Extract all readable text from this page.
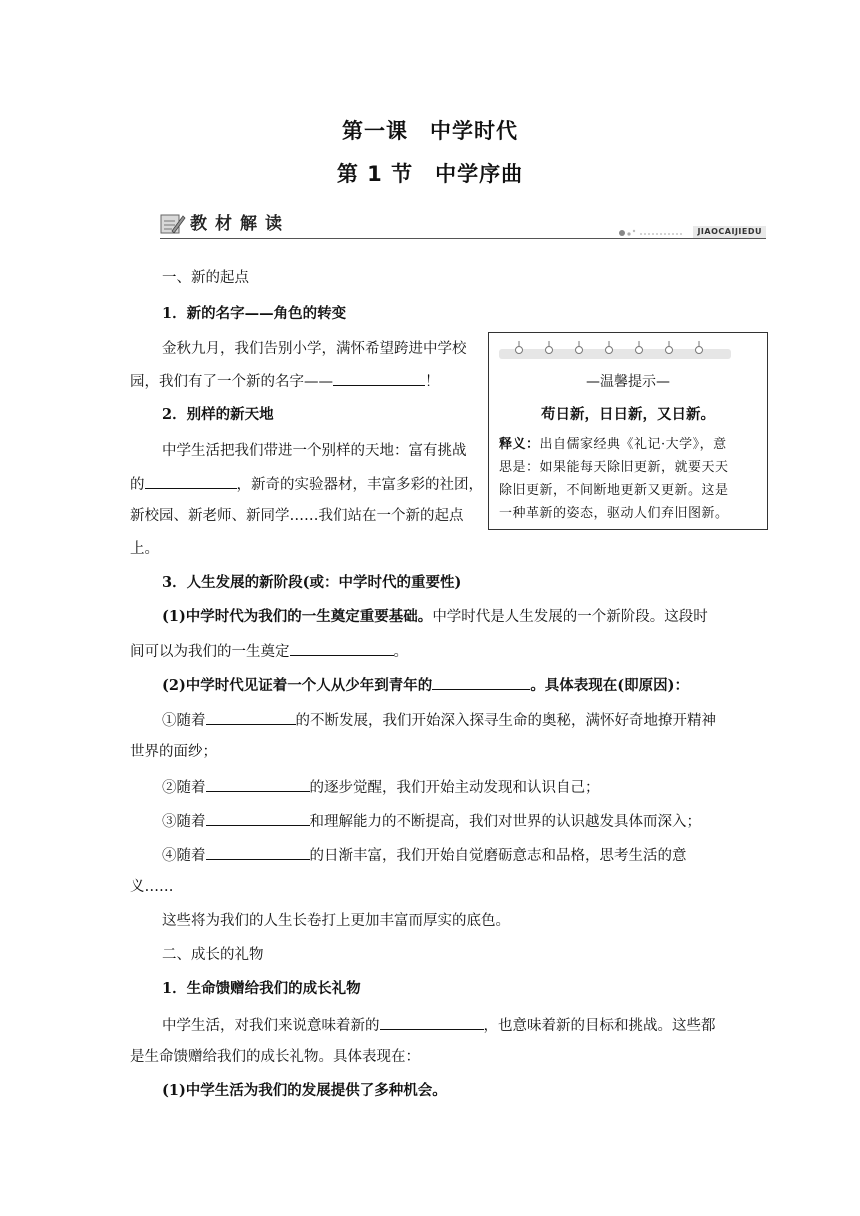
第一课　中学时代
第 1 节　中学序曲
教材解读	JIAOCAIJIEDU
—温馨提示—
苟日新，日日新，又日新。
释义：出自儒家经典《礼记·大学》，意
思是：如果能每天除旧更新，就要天天
除旧更新，不间断地更新又更新。这是
一种革新的姿态，驱动人们弃旧图新。
一、新的起点
1．新的名字——角色的转变
金秋九月，我们告别小学，满怀希望跨进中学校
园，我们有了一个新的名字——	！
2．别样的新天地
中学生活把我们带进一个别样的天地：富有挑战
的	，新奇的实验器材，丰富多彩的社团，
新校园、新老师、新同学……我们站在一个新的起点
上。
3．人生发展的新阶段(或：中学时代的重要性)
(1)中学时代为我们的一生奠定重要基础。中学时代是人生发展的一个新阶段。这段时
间可以为我们的一生奠定	。
(2)中学时代见证着一个人从少年到青年的	。具体表现在(即原因)：
①随着	的不断发展，我们开始深入探寻生命的奥秘，满怀好奇地撩开精神
世界的面纱；
②随着	的逐步觉醒，我们开始主动发现和认识自己；
③随着	和理解能力的不断提高，我们对世界的认识越发具体而深入；
④随着	的日渐丰富，我们开始自觉磨砺意志和品格，思考生活的意
义……
这些将为我们的人生长卷打上更加丰富而厚实的底色。
二、成长的礼物
1．生命馈赠给我们的成长礼物
中学生活，对我们来说意味着新的	，也意味着新的目标和挑战。这些都
是生命馈赠给我们的成长礼物。具体表现在：
(1)中学生活为我们的发展提供了多种机会。
